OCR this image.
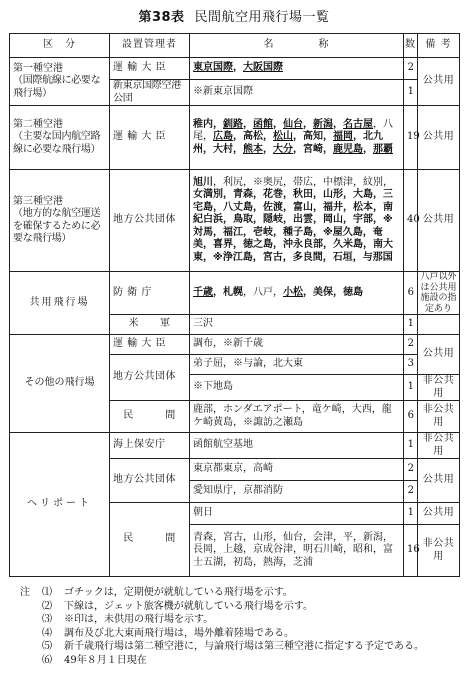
第38表 民間航空用飛行場一覧
区　分	設置管理者	名　　　　称	数	備 考

第一種空港
（国際航線に必要な飛行場）	運 輸 大 臣	東京国際，大阪国際	2	公共用
	新東京国際空港公団	※新東京国際	1	

第二種空港
（主要な国内航空路線に必要な飛行場）	運 輸 大 臣	稚内，釧路，函館，仙台，新潟，名古屋，八尾，広島，高松，松山，高知，福岡，北九州，大村，熊本，大分，宮崎，鹿児島，那覇	19	公共用

第三種空港
（地方的な航空運送を確保するために必要な飛行場）	地方公共団体	旭川，利尻，※奥尻，帯広，中標津，紋別，女満別，青森，花巻，秋田，山形，大島，三宅島，八丈島，佐渡，富山，福井，松本，南紀白浜，鳥取，隠岐，出雲，岡山，宇部，※対馬，福江，壱岐，種子島，※屋久島，奄美，喜界，徳之島，沖永良部，久米島，南大東，※浄江島，宮古，多良間，石垣，与那国	40	公共用

共用飛行場	防 衛 庁	千歳，札幌，八戸，小松，美保，徳島	6	八戸以外は公共用施設の指定あり
	米　　軍	三沢	1	

その他の飛行場	運 輸 大 臣	調布，※新千歳	2	公共用
	地方公共団体	弟子屈，※与論，北大東	3	
		※下地島	1	非公共用
	民　　　間	鹿部，ホンダエアポート，竜ケ崎，大西，龍ケ崎黄島，※諏訪之瀬島	6	非公共用

ヘリポート	海上保安庁	函館航空基地	1	非公共用
	地方公共団体	東京都東京，高崎	2	公共用
		愛知県庁，京都消防	2	
	民　　　間	朝日	1	公共用
		青森，宮古，山形，仙台，会津，平，新潟，長岡，上越，京成谷津，明石川崎，昭和，富士五湖，初島，熱海，芝浦	16	非公共用
注	⑴	ゴチックは，定期便が就航している飛行場を示す。
⑵	下線は，ジェット旅客機が就航している飛行場を示す。
⑶	※印は，未供用の飛行場を示す。
⑷	調布及び北大東両飛行場は，場外離着陸場である。
⑸	新千歳飛行場は第二種空港に，与論飛行場は第三種空港に指定する予定である。
⑹	49年８月１日現在
